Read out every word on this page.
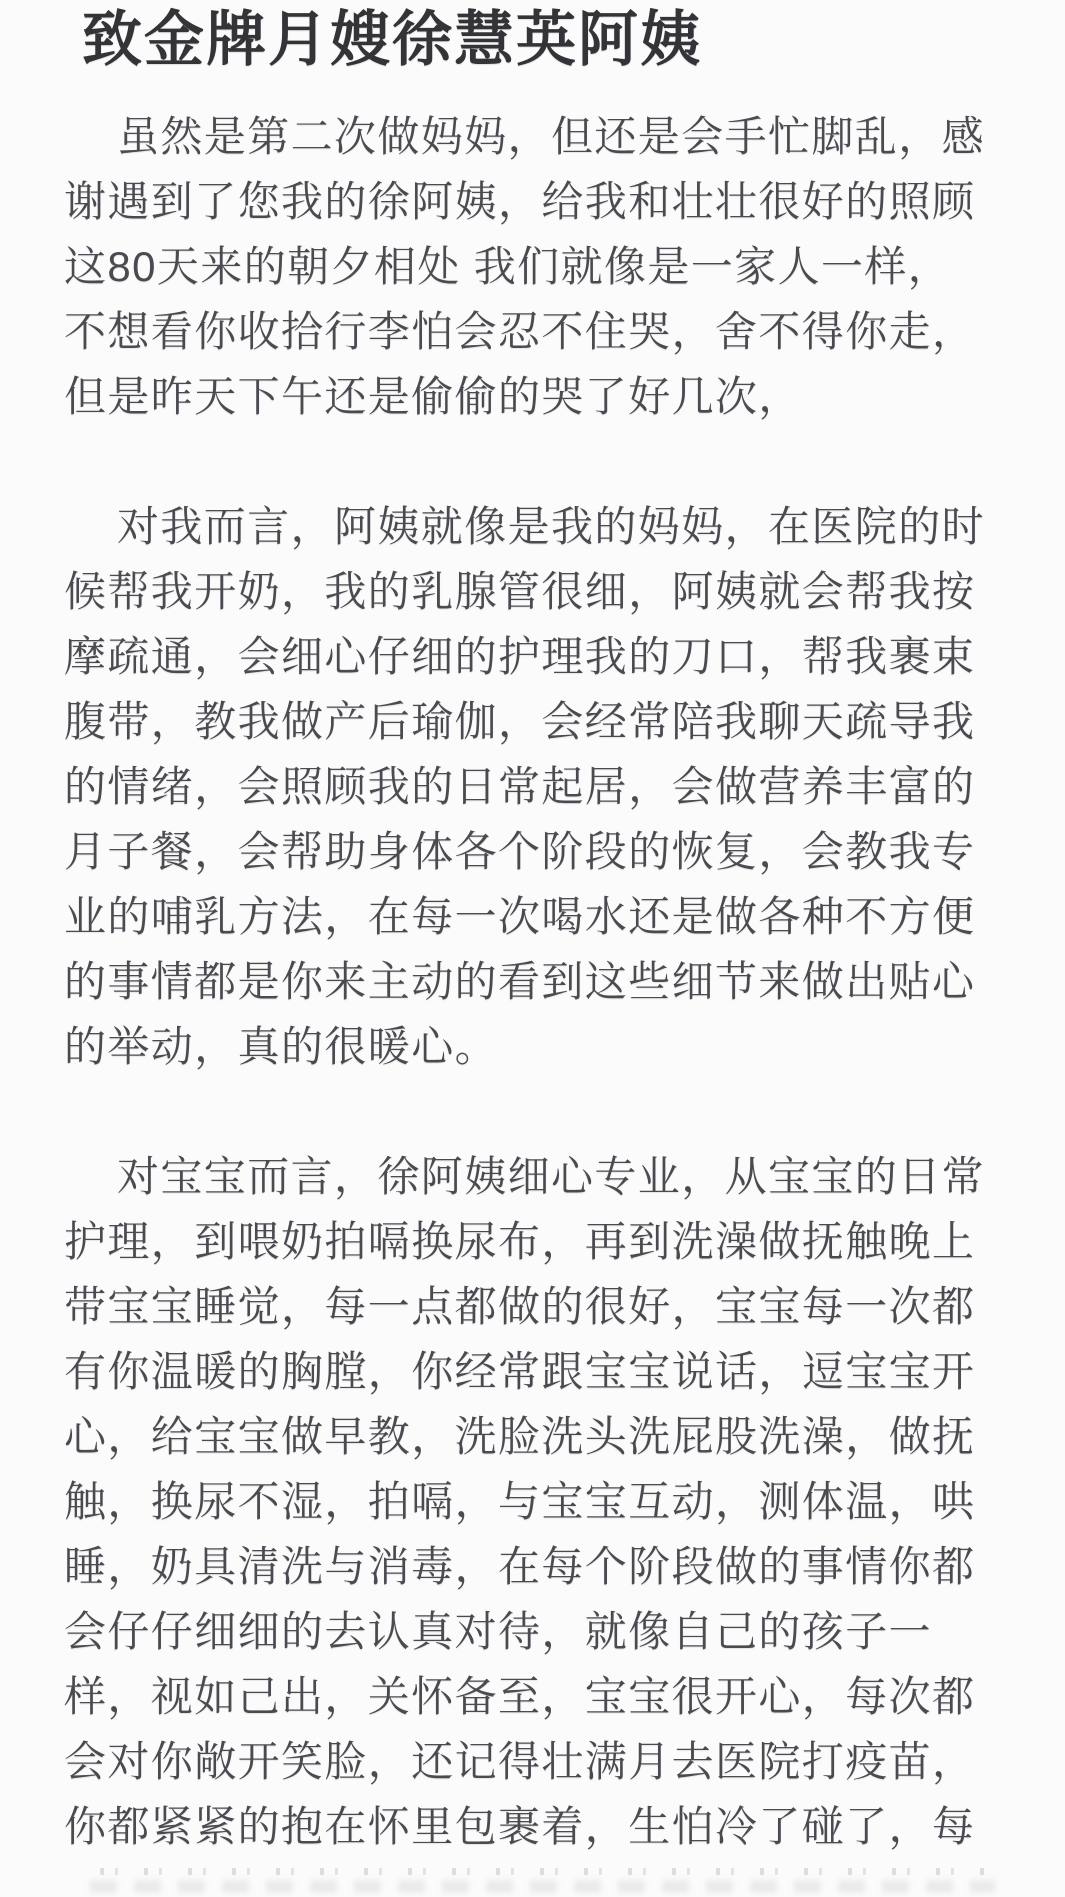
致金牌月嫂徐慧英阿姨

虽然是第二次做妈妈，但还是会手忙脚乱，感谢遇到了您我的徐阿姨，给我和壮壮很好的照顾 这80天来的朝夕相处 我们就像是一家人一样，不想看你收拾行李怕会忍不住哭，舍不得你走，但是昨天下午还是偷偷的哭了好几次，

对我而言，阿姨就像是我的妈妈，在医院的时候帮我开奶，我的乳腺管很细，阿姨就会帮我按摩疏通，会细心仔细的护理我的刀口，帮我裹束腹带，教我做产后瑜伽，会经常陪我聊天疏导我的情绪，会照顾我的日常起居，会做营养丰富的月子餐，会帮助身体各个阶段的恢复，会教我专业的哺乳方法，在每一次喝水还是做各种不方便的事情都是你来主动的看到这些细节来做出贴心的举动，真的很暖心。

对宝宝而言，徐阿姨细心专业，从宝宝的日常护理，到喂奶拍嗝换尿布，再到洗澡做抚触晚上带宝宝睡觉，每一点都做的很好，宝宝每一次都有你温暖的胸膛，你经常跟宝宝说话，逗宝宝开心，给宝宝做早教，洗脸洗头洗屁股洗澡，做抚触，换尿不湿，拍嗝，与宝宝互动，测体温，哄睡，奶具清洗与消毒，在每个阶段做的事情你都会仔仔细细的去认真对待，就像自己的孩子一样，视如己出，关怀备至，宝宝很开心，每次都会对你敞开笑脸，还记得壮满月去医院打疫苗，你都紧紧的抱在怀里包裹着，生怕冷了碰了，每
